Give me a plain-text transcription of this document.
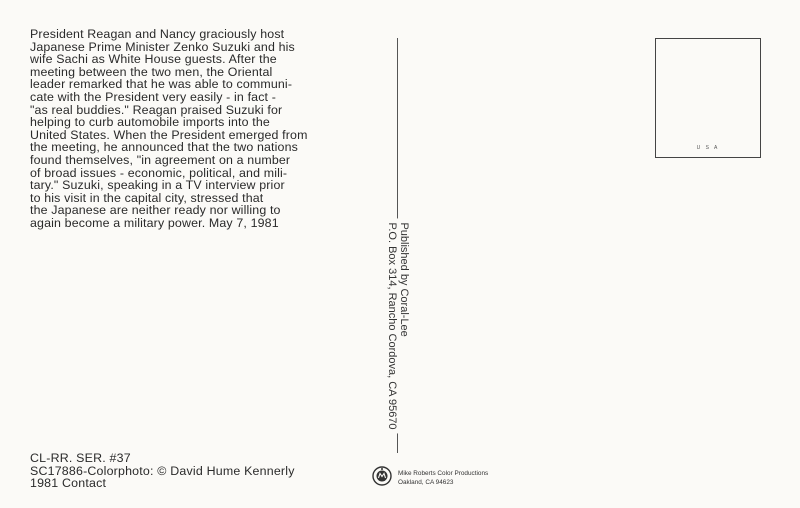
President Reagan and Nancy graciously host
Japanese Prime Minister Zenko Suzuki and his
wife Sachi as White House guests. After the
meeting between the two men, the Oriental
leader remarked that he was able to communi-
cate with the President very easily - in fact -
"as real buddies." Reagan praised Suzuki for
helping to curb automobile imports into the
United States. When the President emerged from
the meeting, he announced that the two nations
found themselves, "in agreement on a number
of broad issues - economic, political, and mili-
tary." Suzuki, speaking in a TV interview prior
to his visit in the capital city, stressed that
the Japanese are neither ready nor willing to
again become a military power. May 7, 1981	Published by Coral-Lee
P.O. Box 314, Rancho Cordova, CA 95670
U S A
CL-RR. SER. #37
SC17886-Colorphoto: © David Hume Kennerly
1981 Contact
Mike Roberts Color Productions
Oakland, CA 94623
